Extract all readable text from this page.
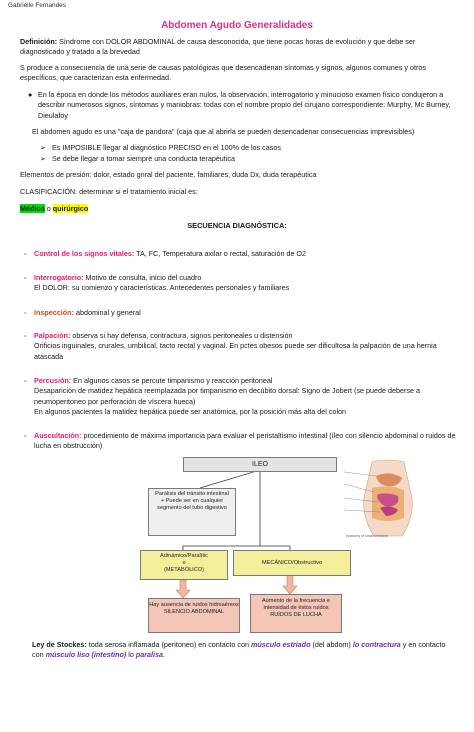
Gabrielle Fernandes
Abdomen Agudo Generalidades
Definición: Síndrome con DOLOR ABDOMINAL de causa desconocida, que tiene pocas horas de evolución y que debe ser diagnosticado y tratado a la brevedad
S produce a consecuencia de una serie de causas patológicas que desencadenan síntomas y signos, algunos comunes y otros específicos, que caracterizan esta enfermedad.
● En la época en donde los métodos auxiliares eran nulos, la observación, interrogatorio y minucioso examen físico condujeron a describir numerosos signos, síntomas y maniobras: todas con el nombre propio del cirujano correspondiente: Murphy, Mc Burney, Dieulafoy
El abdomen agudo es una "caja de pandora" (caja que al abrirla se pueden desencadenar consecuencias imprevisibles)
➢ Es IMPOSIBLE llegar al diagnóstico PRECISO en el 100% de los casos
➢ Se debe llegar a tomar siempre una conducta terapéutica
Elementos de presión: dolor, estado gnral del paciente, familiares, duda Dx, duda terapéutica
CLASIFICACIÓN: determinar si el tratamiento inicial es:
Médico o quirúrgico
SECUENCIA DIAGNÓSTICA:
- Control de los signos vitales: TA, FC, Temperatura axilar o rectal, saturación de O2
- Interrogatorio: Motivo de consulta, inicio del cuadro
El DOLOR: su comienzo y características. Antecedentes personales y familiares
- Inspección: abdominal y general
- Palpación: observa si hay defensa, contractura, signos peritoneales u distensión
Orificios inguinales, crurales, umbilical, tacto rectal y vaginal. En pctes obesos puede ser dificultosa la palpación de una hernia atascada
- Percusión: En algunos casos se percute timpanismo y reacción peritoneal
Desaparición de matidez hepática reemplazada por timpanismo en decúbito dorsal: Signo de Jobert (se puede deberse a neumoperitoneo por perforación de víscera hueca)
En algunos pacientes la matidez hepática puede ser anatómica, por la posición más alta del colon
- Auscultación: procedimiento de máxima importancia para evaluar el peristaltismo intestinal (íleo con silencio abdominal o ruidos de lucha en obstrucción)
ILEO
Parálisis del tránsito intestinal
+ Puede ser en cualquier segmento del tubo digestivo
Adinámico/Paralític
o
(METABÓLICO)
MECÁNICO/Obstructivo
Hay ausencia de ruidos hidroaéreos
SILENCIO ABDOMINAL
Aumento de la frecuencia e intensidad de éstos ruidos
RUÍDOS DE LUCHA
Anatomy of small intestine
Ley de Stockes: toda serosa inflamada (peritoneo) en contacto con músculo estriado (del abdom) lo contractura y en contacto con músculo liso (intestino) lo paralisa.
